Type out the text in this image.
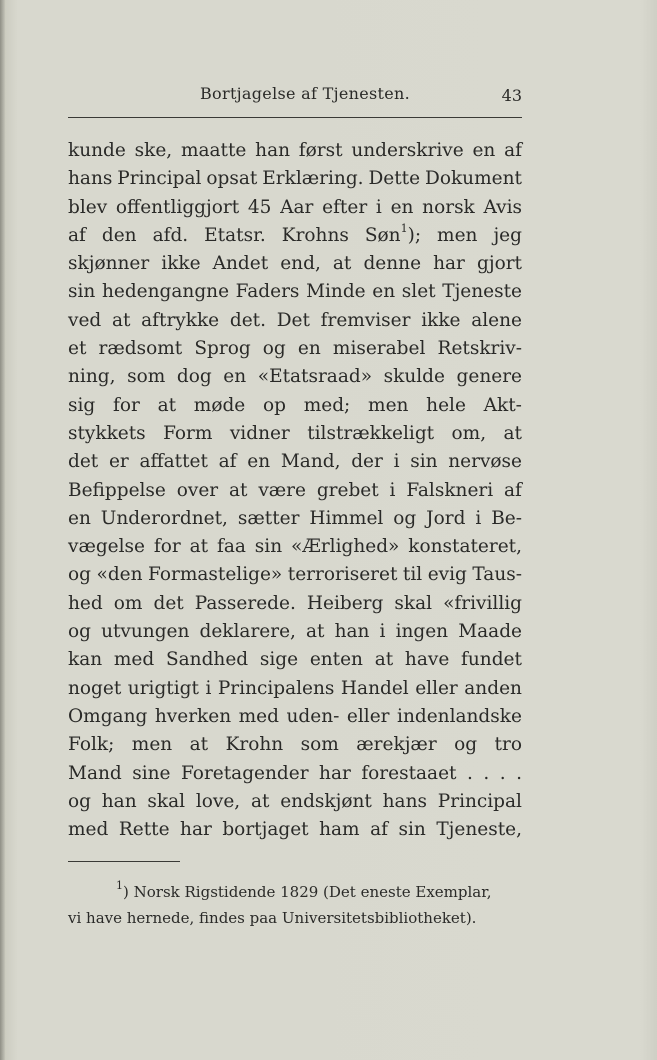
Bortjagelse af Tjenesten.	43
kunde ske, maatte han først underskrive en af
hans Principal opsat Erklæring. Dette Dokument
blev offentliggjort 45 Aar efter i en norsk Avis
af den afd. Etatsr. Krohns Søn$^1$); men jeg
skjønner ikke Andet end, at denne har gjort
sin hedengangne Faders Minde en slet Tjeneste
ved at aftrykke det. Det fremviser ikke alene
et rædsomt Sprog og en miserabel Retskriv-
ning, som dog en «Etatsraad» skulde genere
sig for at møde op med; men hele Akt-
stykkets Form vidner tilstrækkeligt om, at
det er affattet af en Mand, der i sin nervøse
Befippelse over at være grebet i Falskneri af
en Underordnet, sætter Himmel og Jord i Be-
vægelse for at faa sin «Ærlighed» konstateret,
og «den Formastelige» terroriseret til evig Taus-
hed om det Passerede. Heiberg skal «frivillig
og utvungen deklarere, at han i ingen Maade
kan med Sandhed sige enten at have fundet
noget urigtigt i Principalens Handel eller anden
Omgang hverken med uden- eller indenlandske
Folk; men at Krohn som ærekjær og tro
Mand sine Foretagender har forestaaet . . . .
og han skal love, at endskjønt hans Principal
med Rette har bortjaget ham af sin Tjeneste,
$^1$) Norsk Rigstidende 1829 (Det eneste Exemplar,
vi have hernede, findes paa Universitetsbibliotheket).
